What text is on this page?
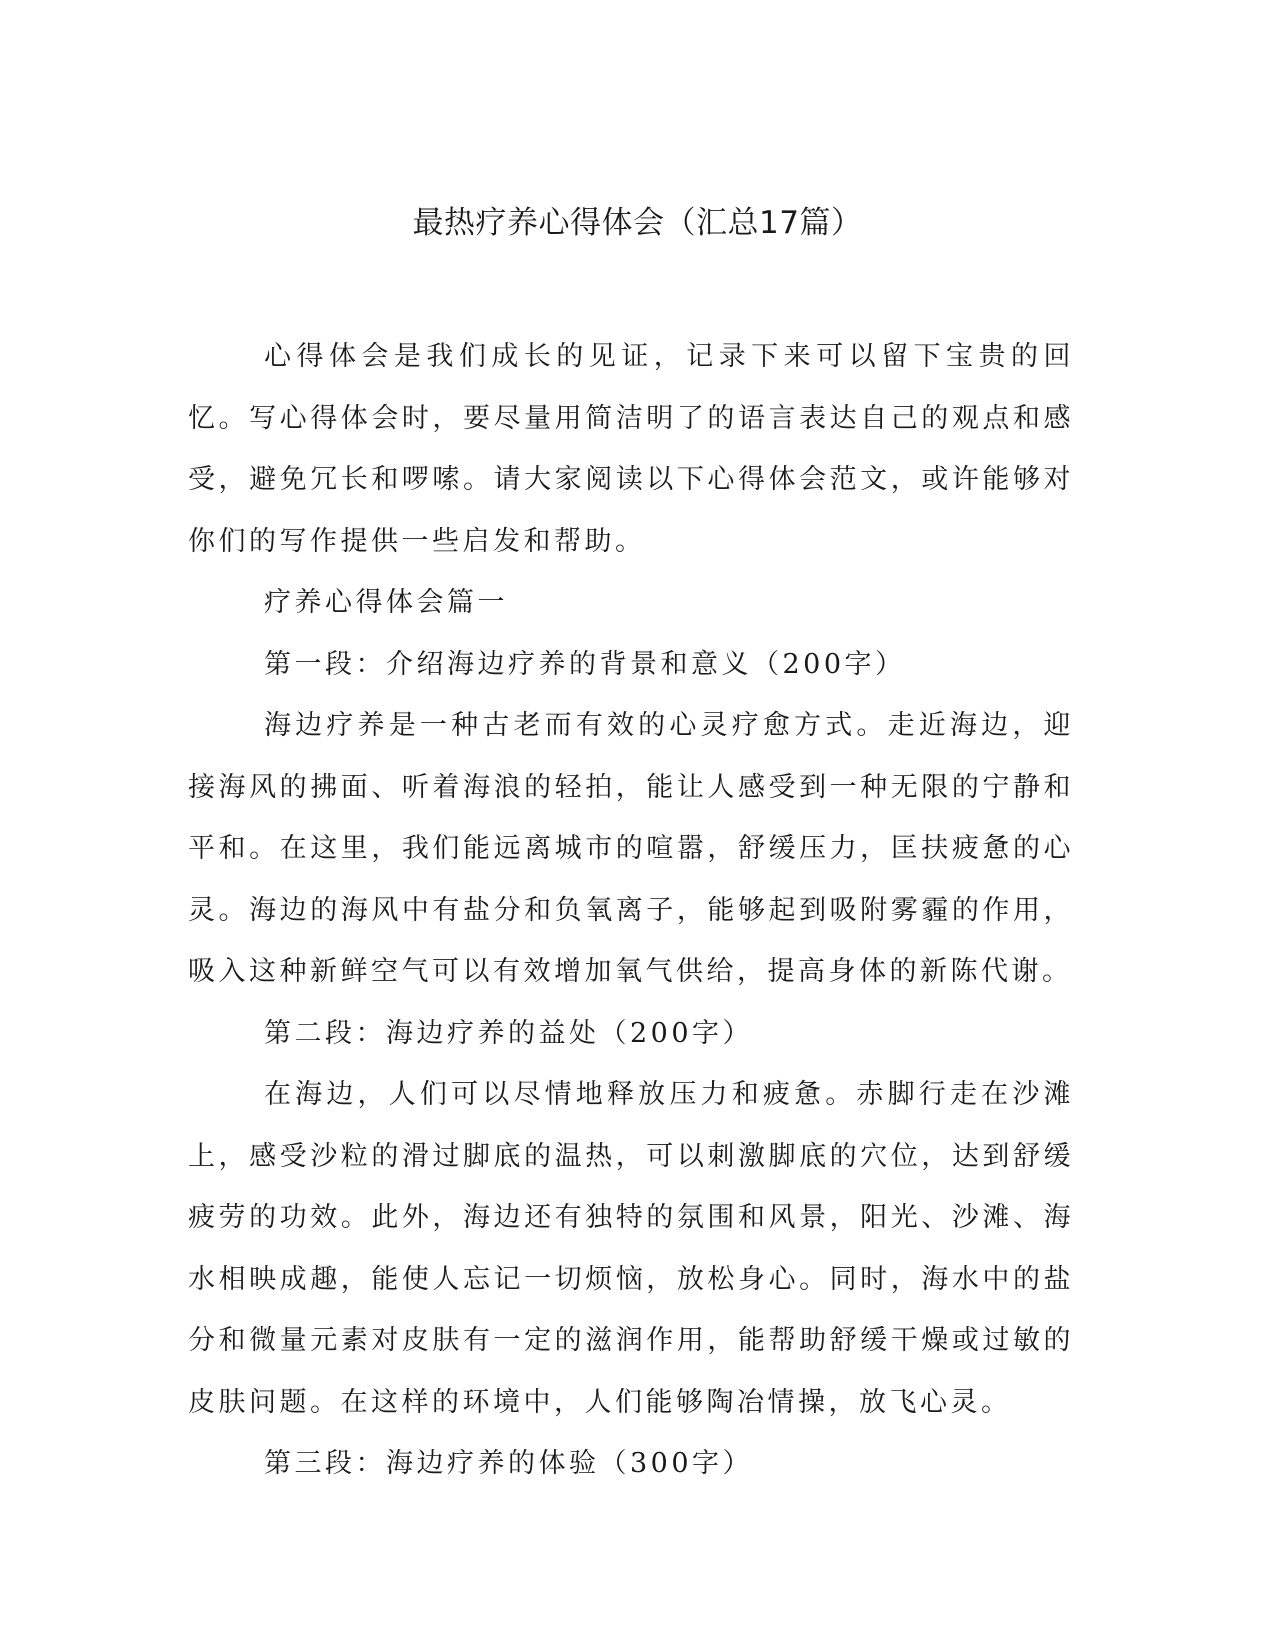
最热疗养心得体会（汇总17篇）

心得体会是我们成长的见证，记录下来可以留下宝贵的回忆。写心得体会时，要尽量用简洁明了的语言表达自己的观点和感受，避免冗长和啰嗦。请大家阅读以下心得体会范文，或许能够对你们的写作提供一些启发和帮助。

疗养心得体会篇一

第一段：介绍海边疗养的背景和意义（200字）

海边疗养是一种古老而有效的心灵疗愈方式。走近海边，迎接海风的拂面、听着海浪的轻拍，能让人感受到一种无限的宁静和平和。在这里，我们能远离城市的喧嚣，舒缓压力，匡扶疲惫的心灵。海边的海风中有盐分和负氧离子，能够起到吸附雾霾的作用，吸入这种新鲜空气可以有效增加氧气供给，提高身体的新陈代谢。

第二段：海边疗养的益处（200字）

在海边，人们可以尽情地释放压力和疲惫。赤脚行走在沙滩上，感受沙粒的滑过脚底的温热，可以刺激脚底的穴位，达到舒缓疲劳的功效。此外，海边还有独特的氛围和风景，阳光、沙滩、海水相映成趣，能使人忘记一切烦恼，放松身心。同时，海水中的盐分和微量元素对皮肤有一定的滋润作用，能帮助舒缓干燥或过敏的皮肤问题。在这样的环境中，人们能够陶冶情操，放飞心灵。

第三段：海边疗养的体验（300字）
